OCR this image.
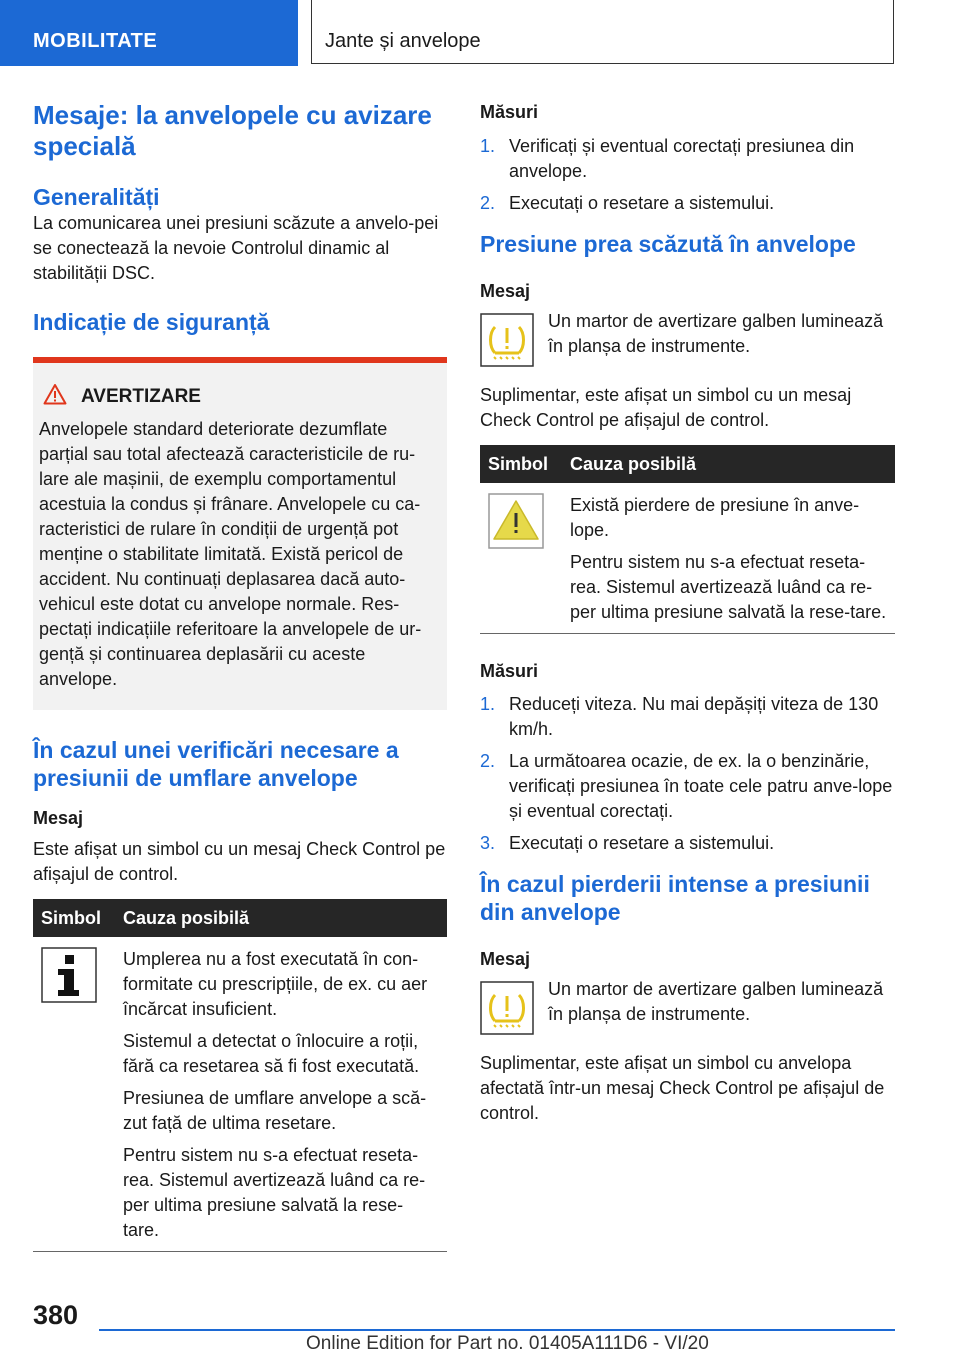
MOBILITATE	Jante și anvelope
Mesaje: la anvelopele cu avizare specială
Generalități

La comunicarea unei presiuni scăzute a anvelo-pei se conectează la nevoie Controlul dinamic al stabilității DSC.

Indicație de siguranță
AVERTIZARE

Anvelopele standard deteriorate dezumflate parțial sau total afectează caracteristicile de ru-lare ale mașinii, de exemplu comportamentul acestuia la condus și frânare. Anvelopele cu ca-racteristici de rulare în condiții de urgență pot menține o stabilitate limitată. Există pericol de accident. Nu continuați deplasarea dacă auto-vehicul este dotat cu anvelope normale. Res-pectați indicațiile referitoare la anvelopele de ur-gență și continuarea deplasării cu aceste anvelope.

În cazul unei verificări necesare a presiunii de umflare anvelope
Mesaj

Este afișat un simbol cu un mesaj Check Control pe afișajul de control.

Simbol	Cauza posibilă

Umplerea nu a fost executată în con-formitate cu prescripțiile, de ex. cu aer încărcat insuficient.

Sistemul a detectat o înlocuire a roții, fără ca resetarea să fi fost executată.

Presiunea de umflare anvelope a scă-zut față de ultima resetare.

Pentru sistem nu s-a efectuat reseta-rea. Sistemul avertizează luând ca re-per ultima presiune salvată la rese-tare.

Măsuri
1. Verificați și eventual corectați presiunea din anvelope.
2. Executați o resetare a sistemului.
Presiune prea scăzută în anvelope
Mesaj

Un martor de avertizare galben luminează în planșa de instrumente.

Suplimentar, este afișat un simbol cu un mesaj Check Control pe afișajul de control.

Simbol	Cauza posibilă

Există pierdere de presiune în anve-lope.

Pentru sistem nu s-a efectuat reseta-rea. Sistemul avertizează luând ca re-per ultima presiune salvată la rese-tare.

Măsuri
1. Reduceți viteza. Nu mai depășiți viteza de 130 km/h.
2. La următoarea ocazie, de ex. la o benzinărie, verificați presiunea în toate cele patru anve-lope și eventual corectați.
3. Executați o resetare a sistemului.
În cazul pierderii intense a presiunii din anvelope
Mesaj

Un martor de avertizare galben luminează în planșa de instrumente.

Suplimentar, este afișat un simbol cu anvelopa afectată într-un mesaj Check Control pe afișajul de control.

380
Online Edition for Part no. 01405A111D6 - VI/20
